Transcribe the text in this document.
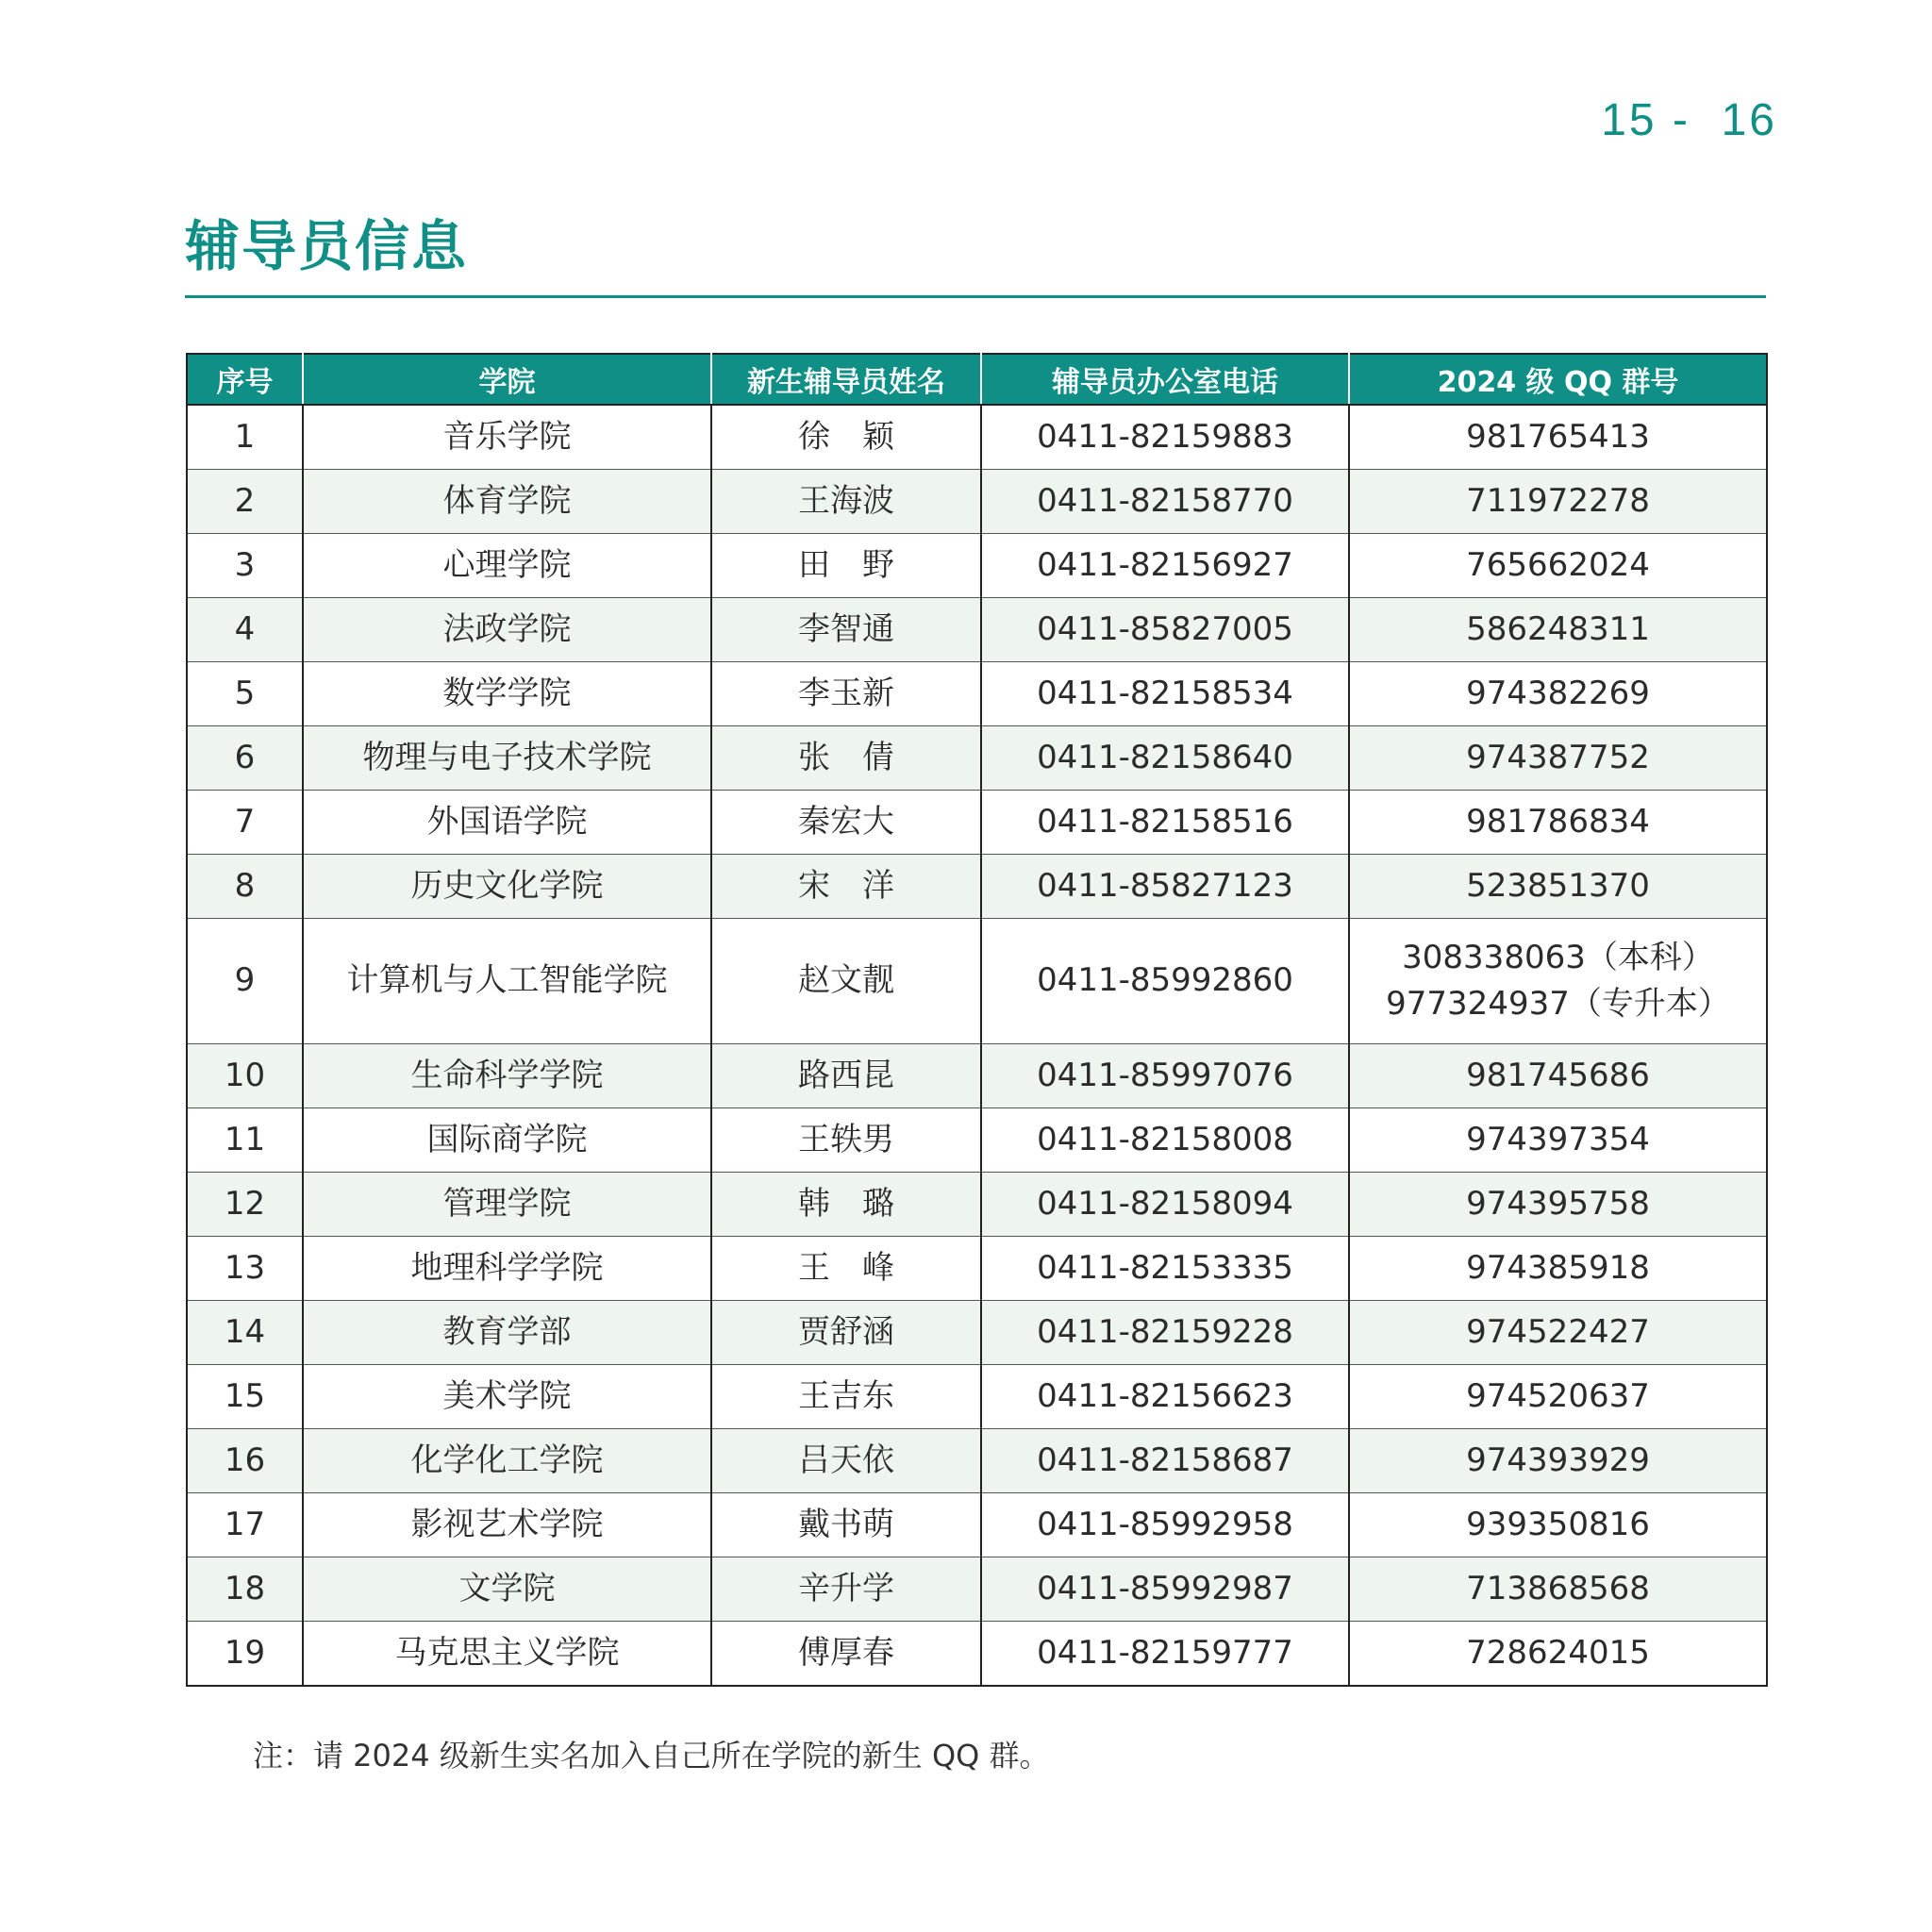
15 -  16
辅导员信息
序号	学院	新生辅导员姓名	辅导员办公室电话	2024 级 QQ 群号
1	音乐学院	徐　颖	0411-82159883	981765413

2	体育学院	王海波	0411-82158770	711972278

3	心理学院	田　野	0411-82156927	765662024

4	法政学院	李智通	0411-85827005	586248311

5	数学学院	李玉新	0411-82158534	974382269

6	物理与电子技术学院	张　倩	0411-82158640	974387752

7	外国语学院	秦宏大	0411-82158516	981786834

8	历史文化学院	宋　洋	0411-85827123	523851370

9	计算机与人工智能学院	赵文靓	0411-85992860	308338063（本科）
977324937（专升本）

10	生命科学学院	路西昆	0411-85997076	981745686

11	国际商学院	王轶男	0411-82158008	974397354

12	管理学院	韩　璐	0411-82158094	974395758

13	地理科学学院	王　峰	0411-82153335	974385918

14	教育学部	贾舒涵	0411-82159228	974522427

15	美术学院	王吉东	0411-82156623	974520637

16	化学化工学院	吕天依	0411-82158687	974393929

17	影视艺术学院	戴书萌	0411-85992958	939350816

18	文学院	辛升学	0411-85992987	713868568

19	马克思主义学院	傅厚春	0411-82159777	728624015
注：请 2024 级新生实名加入自己所在学院的新生 QQ 群。
